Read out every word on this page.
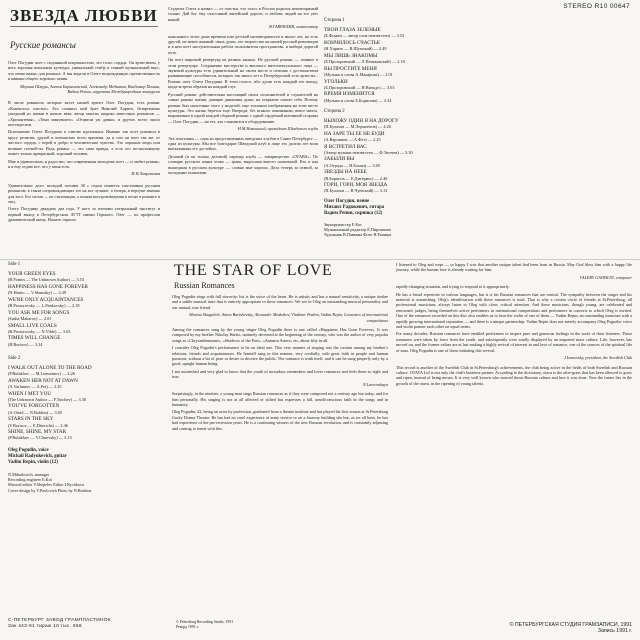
STEREO R10 00647
ЗВЕЗДА ЛЮБВИ
Русские романсы

Олег Погудин поет с подлинной искренностью, это голос сердца. Он артистичен, у него хорошая вокальная культура, уникальный тембр и тонкий музыкальный вкус, что очень важно для романса. А мы видели в Олеге возрожденную преемственность и навыки общего хорового пения.

Марина Шмурь, Антон Барышевский, Александр Медников, Владимир Пашин, Вадим Репин, лауреаты Международных конкурсов

В числе романсов, которые несет нашей артист Олег Погудин, есть романс «Кончилось счастье». Его сочинил мой брат Николай Харито, безвременно ушедший из жизни в начале века, автор многих широко известных романсов — «Хризантемы», «Тени минувшего» «Отцвели уж давно» и другие, всего около шестидесяти.

Исполнение Олега Погудина я считаю идеальным. Именно так поет романсы в кругу религии, другой в шиханских всего времени, да и сам он поет так же, от чистого сердца, с верой в добро и человеческие чувства. Это хорошие люди или великие поэзий-ты. Ведь романс — это сама правда, а есть его по-настоящему может только прекрасный, хороший человек.

Мне и удивительно, и радостно, что современная молодежь поет — и любит романс, и я ему отдаю все, что у меня есть.

Н.И.Лавровская

Удивительное дело: молодой человек 30 с годом пишется счастливым русским романсом, в таком сопровождающих его на все лучшие, а теперь, в вертуме именно для того. Его песни — не стилизация, а полная воспроизведения в песне в романсе в лиц.

Олегу Погудину двадцать два года. У него за плечами театральный институт и первый выход в Петербургском ЛГТТ имени Горького. Олег — по профессии драматический актер. Нашего горного

Студента Олега я назвал — от счастья, что голос в России родился неповторимый талант. Дай бог ему счастливой житейской дороги, и любовь людей на его уют нашей.

В.ГАВРИЛИН, композитор

жаксанного этого дома времени или детской неповторимости и много лет, но есть другой, не менее важный: связь души, его творчество на нашей русской революции и в нем поет наступательная работа пользователя пространства, и выбора дорогой путь.

Он поет широкий репертуар на разных языках. Но русской романс — главное в этом репертуаре. Сохранение мастерства и высокого интеллектуального лица — звуковой культуры есть удивительный на своем месте и отлично с достоинством развивающие способности, которых так много лет и Петербургской есть артисты... Романс поет Олега Погудина. В этом голосе, ибо души есть каждый его выход, когда встреча образов на каждый слуг.

Русский романс действительно настоящий своих исполнителей и слушателей на самые разные жизни, дающие движения души, на открытие самого себя. Потому романс был наистинно этого у моделей, еще эталоном изображения на этом месте культуры. Это жизнь берется еще. Впереди, без всякого пониманию, вовсе ничто, выраженное в одной каждой сборной романс с одной сердечной интимной стороны — Олег Погудин — на тех, кто становится в оборудованию.

Н.М.Новинский, президент Шведского клуба

Эта пластинка — одна из представленных шведских клубов в Санкт-Петербурге — одна из культуры. Мы все благодарят Шведский клуб в лице это долгих лет воли высказанных его достойно.

Деловой (и не только деловой) партнер клуба — товарищество «ОТАВА». По словарю русского языка отава — трава, выросшая вместо скошенной. Кто и как вышедшая в русском культуре — словно мне хорошо. Дела теперь за отавой, за молодыми талантами.

Сторона 1
ТВОИ ГЛАЗА ЗЕЛЕНЫЕ
(Б.Фомин — автор слов неизвестен) — 3.53
КОНЧИЛОСЬ СЧАСТЬЕ
(Н.Харито — В.Шумский) — 2.49
МЫ ЛИШЬ ЗНАКОМЫ
(Б.Прозоровский — Л.Пеньковский) — 2.18
ВЫ ПРОСТИТЕ МЕНЯ
(Музыка и слова А.Макарова) — 2.01
УГОЛЬКИ
(Б.Прозоровский — Н.Вильде) — 3.03
ВРЕМЯ ИЗМЕНИТСЯ
(Музыка и слова Б.Борисова) — 3.34
Сторона 2
ВЫХОЖУ ОДИН Я НА ДОРОГУ
(П.Булахов — М.Лермонтов) — 4.26
НА ЗАРЕ ТЫ ЕЕ НЕ БУДИ
(А.Варламов — А.Фет) — 2.25
Я ВСТРЕТИЛ ВАС
(Автор музыки неизвестен — Ф.Тютчев) — 3.30
ЗАБЫЛИ ВЫ
(А.Отрада — Н.Бохин) — 3.05
ЗВЕЗДЫ НА НЕБЕ
(В.Борисов — Е.Дитерихс) — 2.46
ГОРИ, ГОРИ, МОЯ ЗВЕЗДА
(П.Булахов — В.Чуевский) — 3.13
Олег Погудин, пение
Михаил Радюкевич, гитара
Вадим Репин, скрипка (12)
Звукорежиссер Е.Кот
Музыкальный редактор Е.Пирожкова
Художник В.Павкина Фото Н.Рашина
Side 1
YOUR GREEN EYES
(B.Fomin — The Unknown Author) — 3.53
HAPPINESS HAS GONE FOREVER
(N.Harito — V.Shumsky) — 2.49
WE'RE ONLY ACQUAINTANCES
(B.Prozorovsky — L.Penkovsky) — 2.18
YOU ASK ME FOR SONGS
(Sasha Makarov) — 2.01
SMALL LIVE COALS
(B.Prozorovsky — N.Vilde) — 3.03
TIMES WILL CHANGE
(B.Borisov) — 3.34
Side 2
I WALK OUT ALONE TO THE ROAD
(P.Bulakhov — M.Lermontov) — 4.26
AWAKEN HER NOT AT DAWN
(A.Varlamov — A.Fet) — 2.25
WHEN I MET YOU
(The Unknown Author — F.Tutchev) — 3.30
YOU'VE FORGOTTEN
(A.Otrad — N.Bokhin) — 3.05
STARS IN THE SKY
(V.Borisov — E.Diterichs) — 2.46
SHINE, SHINE, MY STAR
(P.Bulakhov — V.Chuevsky) — 3.13
Oleg Pogudin, voice
Michail Radyukevich, guitar
Vadim Repin, violin (12)
N.Mihailovich, manager
Recording engineer E.Kot
Musical editor V.Shepelev Editor I.Rychkova
Cover design by V.Pavlovich Photo by N.Rashina
THE STAR OF LOVE
Russian Romances

Oleg Pogudin sings with full sincerity: his is the voice of the heart. He is artistic and has a natural sensitivity, a unique timbre and a subtle musical taste that is entirely appropriate to these romances. We see in Oleg an outstanding musical personality and our mutual, true friend.

Marina Shagalieb, Anton Barishevsky, Alexander Mednikov, Vladimir Pashin, Vadim Repin, Laureates of international competitions

Among the romances sung by the young singer Oleg Pogudin there is one called «Happiness Has Gone Forever». It was composed by my brother Nikolay Harito, untimely deceased at the beginning of the century, who was the author of very popular songs as «Chrysanthemums», «Shadows of the Past», «Autumn Asters» etc, about fifty in all.

I consider Oleg Pogudin's performance to be an ideal one. This very manner of singing was the custom among my brother's relations, friends and acquaintances. He himself sang in this manner, very cordially, with great faith in people and human passions, without a bit of pose or desire to deceive the public. The romance is truth itself, and it can be sung properly only by a good, upright human being.

I am astonished and very glad to know that the youth of nowadays remembers and loves romances and feels them so right and true.

N.Lavrovskaya

Surprisingly, in the nineties, a young man sings Russian romances as if they were composed not a century ago but today, and for him personally. His singing is not at all affected or stilted but expresses a full, unselfconscious faith in the songs and in humanity.

Oleg Pogudin, 22, being an actor by profession, graduated from a theatre institute and has played his first season at St.Petersburg Gorky Drama Theatre. He has had no cruel experience of army service or on a faraway building site but, as we all have, he has had experience of the pre-recession years. He is a continuing witness of the new Russian revolution, and is constantly adjusting and coming to terms with this.

I listened to Oleg and wept — so happy I was that another unique talent had been born in Russia. May God bless him with a happy life journey, while the human love is already waiting for him.

VALERY GAVRILIN, composer

rapidly-changing situation, and trying to respond to it appropriately.

He has a broad repertoire in various languages, but it is his Russian romances that are central. The sympathy between the singer and his material is astonishing. Oleg's identification with these romances is total. That is why a certain circle of friends at St.Petersburg, all professional musicians, always listen to Oleg with close, critical attention. And these musicians, though young, are celebrated and renowned, judges, being themselves active performers in international competitions and performers in concerts to which Oleg is invited. One of the romances recorded on this disc also enables us to hear the violin of one of them — Vadim Repin, an outstanding musician with a rapidly growing international reputation — and there is a unique partnership. Vadim Repin does not merely accompany Oleg Pogudin: voice and violin partner each other on equal terms.

For many decades, Russian romances have enabled performers to inspire pure and generous feelings in the souls of their listeners. These romances were taken by force from the youth, and subsequently were totally displayed by an imported mass culture. Life, however, has moved on, and the former values are at last making a highly revival of interest in and love of romance, one of the sources of the spiritual life of man. Oleg Pogudin is one of those initiating this revival.

I.Ivanovsky, president, the Swedish Club

This record is another of the Swedish Club in St.Petersburg's achievements, the club being active in the fields of both Swedish and Russian culture. OTAVA Ltd is not only the club's business partner. According to the dictionary, otava is the after-grass that has been allowed to grow and ripen, instead of being mown. It is very well known who mowed down Russian culture and how it was done. Now the future lies in the growth of the otava, in the ripening of young talents.

С-ПЕТЕРБУРГ ЗАВОД ГРАМПЛАСТИНОК
Зак 443-91 тираж 10 тыс. 666
© Petersburg Recording Studio, 1991
Рекорд 1991 г.	© ПЕТЕРБУРГСКАЯ СТУДИЯ ГРАМЗАПИСИ, 1991
Запись 1991 г.
